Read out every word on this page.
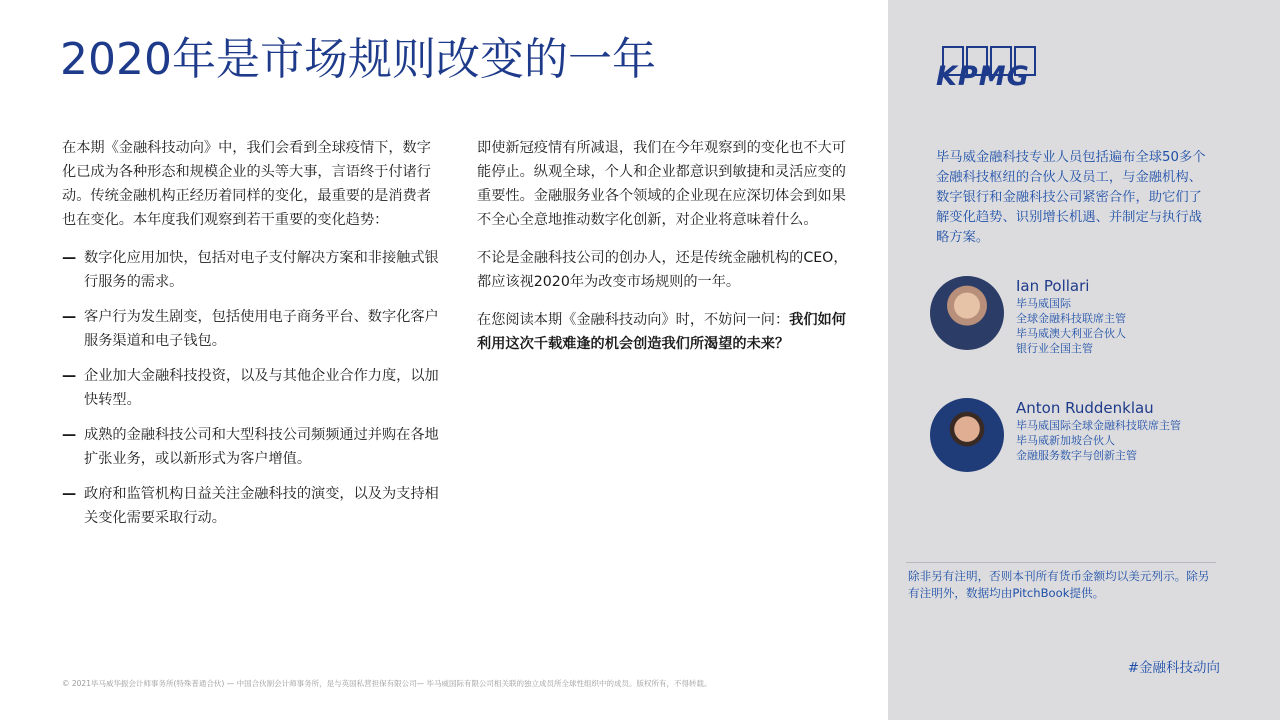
2020年是市场规则改变的一年

在本期《金融科技动向》中，我们会看到全球疫情下，数字化已成为各种形态和规模企业的头等大事，言语终于付诸行动。传统金融机构正经历着同样的变化，最重要的是消费者也在变化。本年度我们观察到若干重要的变化趋势：

— 数字化应用加快，包括对电子支付解决方案和非接触式银行服务的需求。
— 客户行为发生剧变，包括使用电子商务平台、数字化客户服务渠道和电子钱包。
— 企业加大金融科技投资，以及与其他企业合作力度，以加快转型。
— 成熟的金融科技公司和大型科技公司频频通过并购在各地扩张业务，或以新形式为客户增值。
— 政府和监管机构日益关注金融科技的演变，以及为支持相关变化需要采取行动。

即使新冠疫情有所减退，我们在今年观察到的变化也不大可能停止。纵观全球，个人和企业都意识到敏捷和灵活应变的重要性。金融服务业各个领域的企业现在应深切体会到如果不全心全意地推动数字化创新，对企业将意味着什么。

不论是金融科技公司的创办人，还是传统金融机构的CEO，都应该视2020年为改变市场规则的一年。

在您阅读本期《金融科技动向》时，不妨问一问：我们如何利用这次千载难逢的机会创造我们所渴望的未来？

© 2021毕马威华振会计师事务所(特殊普通合伙) — 中国合伙制会计师事务所，是与英国私营担保有限公司— 毕马威国际有限公司相关联的独立成员所全球性组织中的成员。版权所有，不得转载。
KPMG

毕马威金融科技专业人员包括遍布全球50多个金融科技枢纽的合伙人及员工，与金融机构、数字银行和金融科技公司紧密合作，助它们了解变化趋势、识别增长机遇、并制定与执行战略方案。

Ian Pollari
毕马威国际
全球金融科技联席主管
毕马威澳大利亚合伙人
银行业全国主管
Anton Ruddenklau
毕马威国际全球金融科技联席主管
毕马威新加坡合伙人
金融服务数字与创新主管
除非另有注明，否则本刊所有货币金额均以美元列示。除另有注明外，数据均由PitchBook提供。
#金融科技动向
